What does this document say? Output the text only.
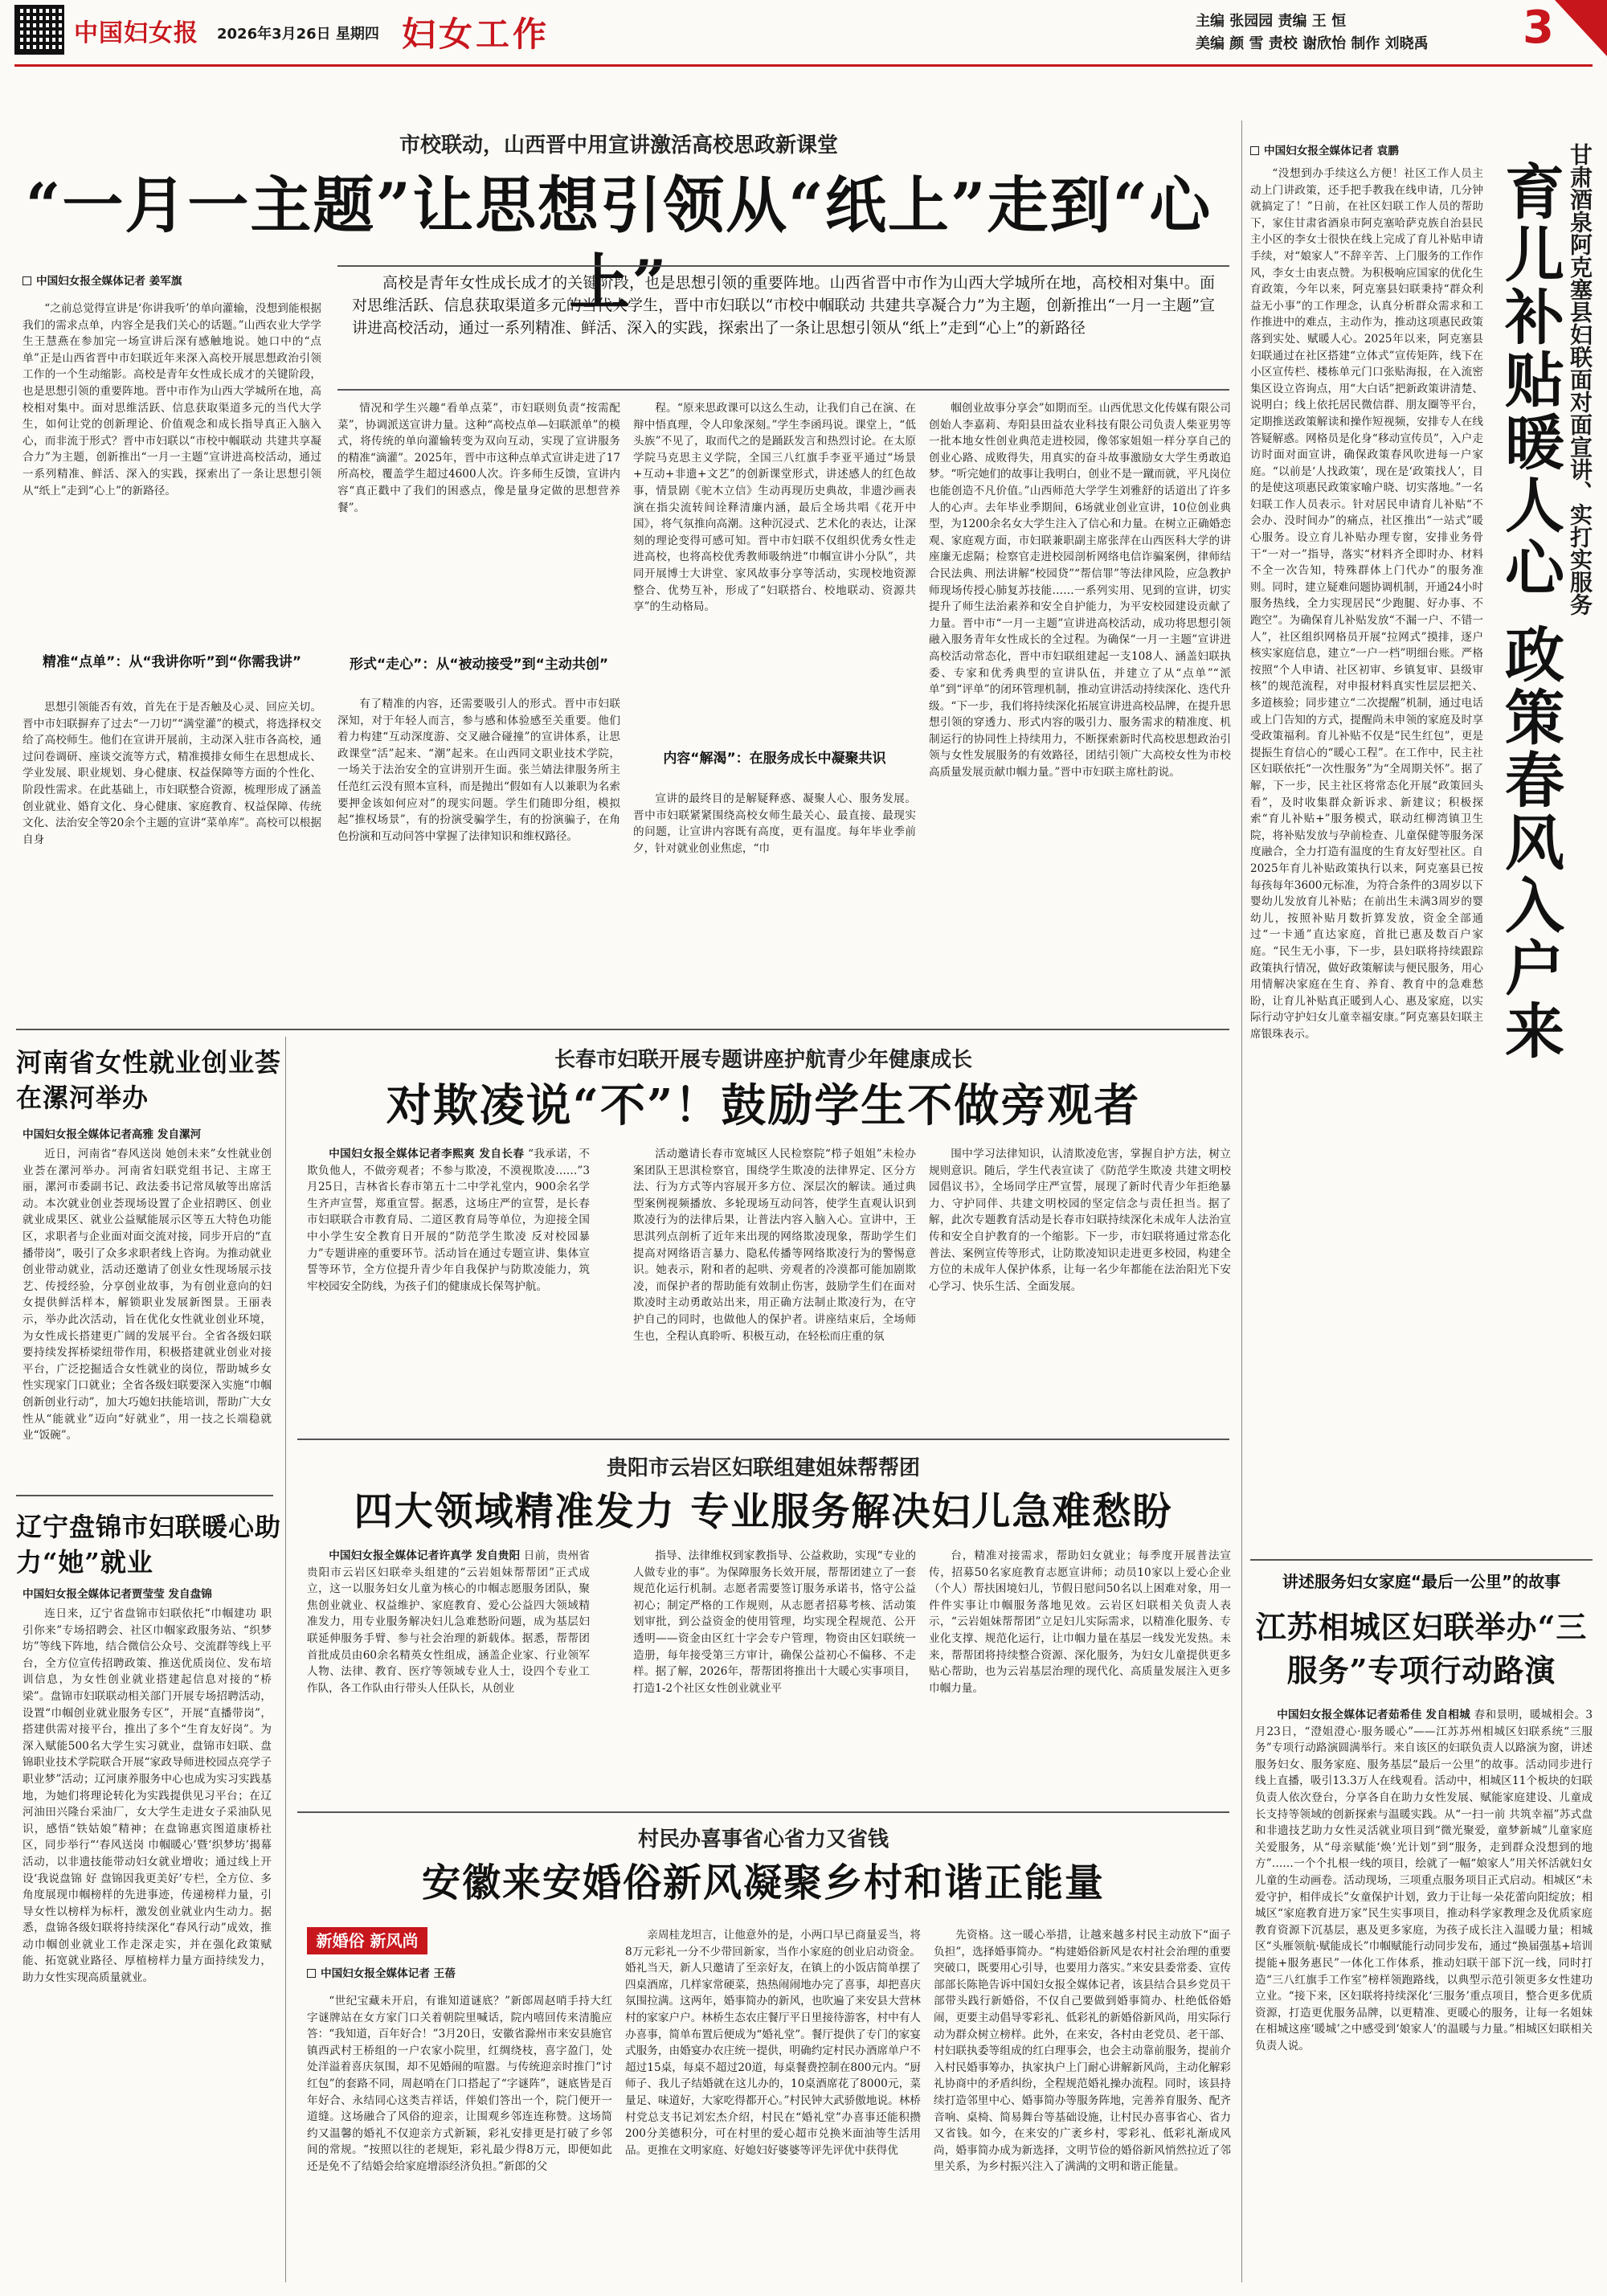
中国妇女报 2026年3月26日 星期四 妇女工作	主编 张园园 责编 王 恒
美编 颜 雪 责校 谢欣怡 制作 刘晓禹 3
市校联动，山西晋中用宣讲激活高校思政新课堂
“一月一主题”让思想引领从“纸上”走到“心上”
中国妇女报全媒体记者 姜军旗	高校是青年女性成长成才的关键阶段，也是思想引领的重要阵地。山西省晋中市作为山西大学城所在地，高校相对集中。面对思维活跃、信息获取渠道多元的当代大学生，晋中市妇联以“市校中帼联动 共建共享凝合力”为主题，创新推出“一月一主题”宣讲进高校活动，通过一系列精准、鲜活、深入的实践，探索出了一条让思想引领从“纸上”走到“心上”的新路径

“之前总觉得宣讲是‘你讲我听’的单向灌输，没想到能根据我们的需求点单，内容全是我们关心的话题。”山西农业大学学生王慧燕在参加完一场宣讲后深有感触地说。她口中的“点单”正是山西省晋中市妇联近年来深入高校开展思想政治引领工作的一个生动缩影。高校是青年女性成长成才的关键阶段，也是思想引领的重要阵地。晋中市作为山西大学城所在地，高校相对集中。面对思维活跃、信息获取渠道多元的当代大学生，如何让党的创新理论、价值观念和成长指导真正入脑入心，而非流于形式？晋中市妇联以“市校中帼联动 共建共享凝合力”为主题，创新推出“一月一主题”宣讲进高校活动，通过一系列精准、鲜活、深入的实践，探索出了一条让思想引领从“纸上”走到“心上”的新路径。

精准“点单”：从“我讲你听”到“你需我讲”

思想引领能否有效，首先在于是否触及心灵、回应关切。晋中市妇联摒弃了过去“一刀切”“满堂灌”的模式，将选择权交给了高校师生。他们在宣讲开展前，主动深入驻市各高校，通过问卷调研、座谈交流等方式，精准摸排女师生在思想成长、学业发展、职业规划、身心健康、权益保障等方面的个性化、阶段性需求。在此基础上，市妇联整合资源，梳理形成了涵盖创业就业、婚育文化、身心健康、家庭教育、权益保障、传统文化、法治安全等20余个主题的宣讲“菜单库”。高校可以根据自身

情况和学生兴趣“看单点菜”，市妇联则负责“按需配菜”，协调派送宣讲力量。这种“高校点单—妇联派单”的模式，将传统的单向灌输转变为双向互动，实现了宣讲服务的精准“滴灌”。2025年，晋中市这种点单式宣讲走进了17所高校，覆盖学生超过4600人次。许多师生反馈，宣讲内容“真正戳中了我们的困惑点，像是量身定做的思想营养餐”。

形式“走心”：从“被动接受”到“主动共创”

有了精准的内容，还需要吸引人的形式。晋中市妇联深知，对于年轻人而言，参与感和体验感至关重要。他们着力构建“互动深度游、交叉融合碰撞”的宣讲体系，让思政课堂“活”起来、“潮”起来。在山西同文职业技术学院，一场关于法治安全的宣讲别开生面。张兰婧法律服务所主任范红云没有照本宣科，而是抛出“假如有人以兼职为名索要押金该如何应对”的现实问题。学生们随即分组，模拟起“推权场景”，有的扮演受骗学生，有的扮演骗子，在角色扮演和互动问答中掌握了法律知识和维权路径。

程。“原来思政课可以这么生动，让我们自己在演、在辩中悟真理，令人印象深刻。”学生李函玛说。课堂上，“低头族”不见了，取而代之的是踊跃发言和热烈讨论。在太原学院马克思主义学院，全国三八红旗手李亚平通过“场景+互动+非遗+文艺”的创新课堂形式，讲述感人的红色故事，情景剧《驼木立信》生动再现历史典故，非遗沙画表演在指尖流转间诠释清廉内涵，最后全场共唱《花开中国》，将气氛推向高潮。这种沉浸式、艺术化的表达，让深刻的理论变得可感可知。晋中市妇联不仅组织优秀女性走进高校，也将高校优秀教师吸纳进“巾帼宣讲小分队”，共同开展博士大讲堂、家风故事分享等活动，实现校地资源整合、优势互补，形成了“妇联搭台、校地联动、资源共享”的生动格局。

内容“解渴”：在服务成长中凝聚共识

宣讲的最终目的是解疑释惑、凝聚人心、服务发展。晋中市妇联紧紧围绕高校女师生最关心、最直接、最现实的问题，让宣讲内容既有高度，更有温度。每年毕业季前夕，针对就业创业焦虑，“巾

帼创业故事分享会”如期而至。山西优思文化传媒有限公司创始人李嘉莉、寿阳县田益农业科技有限公司负责人柴亚男等一批本地女性创业典范走进校园，像邻家姐姐一样分享自己的创业心路、成败得失，用真实的奋斗故事激励女大学生勇敢追梦。“听完她们的故事让我明白，创业不是一蹴而就，平凡岗位也能创造不凡价值。”山西师范大学学生刘雅舒的话道出了许多人的心声。去年毕业季期间，6场就业创业宣讲，10位创业典型，为1200余名女大学生注入了信心和力量。在树立正确婚恋观、家庭观方面，市妇联兼职副主席张萍在山西医科大学的讲座廉无虑隔；检察官走进校园剖析网络电信诈骗案例，律师结合民法典、刑法讲解“校园贷”“帮信罪”等法律风险，应急教护师现场传授心肺复苏技能……一系列实用、见到的宣讲，切实提升了师生法治素养和安全自护能力，为平安校园建设贡献了力量。晋中市“一月一主题”宣讲进高校活动，成功将思想引领融入服务青年女性成长的全过程。为确保“一月一主题”宣讲进高校活动常态化，晋中市妇联组建起一支108人、涵盖妇联执委、专家和优秀典型的宣讲队伍，并建立了从“点单”“派单”到“评单”的闭环管理机制，推动宣讲活动持续深化、迭代升级。“下一步，我们将持续深化拓展宣讲进高校品牌，在提升思想引领的穿透力、形式内容的吸引力、服务需求的精准度、机制运行的协同性上持续用力，不断探索新时代高校思想政治引领与女性发展服务的有效路径，团结引领广大高校女性为市校高质量发展贡献巾帼力量。”晋中市妇联主席杜韵说。

河南省女性就业创业荟在漯河举办
中国妇女报全媒体记者高雅 发自漯河

近日，河南省“春风送岗 她创未来”女性就业创业荟在漯河举办。河南省妇联党组书记、主席王丽，漯河市委副书记、政法委书记常凤敏等出席活动。本次就业创业荟现场设置了企业招聘区、创业就业成果区、就业公益赋能展示区等五大特色功能区，求职者与企业面对面交流对接，同步开启的“直播带岗”，吸引了众多求职者线上咨询。为推动就业创业带动就业，活动还邀请了创业女性现场展示技艺、传授经验，分享创业故事，为有创业意向的妇女提供鲜活样本，解锁职业发展新图景。王丽表示，举办此次活动，旨在优化女性就业创业环境，为女性成长搭建更广阔的发展平台。全省各级妇联要持续发挥桥梁纽带作用，积极搭建就业创业对接平台，广泛挖掘适合女性就业的岗位，帮助城乡女性实现家门口就业；全省各级妇联要深入实施“巾帼创新创业行动”，加大巧媳妇扶能培训，帮助广大女性从“能就业”迈向“好就业”，用一技之长端稳就业“饭碗”。

辽宁盘锦市妇联暖心助力“她”就业
中国妇女报全媒体记者贾莹莹 发自盘锦

连日来，辽宁省盘锦市妇联依托“巾帼建功 职引你来”专场招聘会、社区巾帼家政服务站、“织梦坊”等线下阵地，结合微信公众号、交流群等线上平台，全方位宣传招聘政策、推送优质岗位、发布培训信息，为女性创业就业搭建起信息对接的“桥梁”。盘锦市妇联联动相关部门开展专场招聘活动，设置“巾帼创业就业服务专区”，开展“直播带岗”，搭建供需对接平台，推出了多个“生育友好岗”。为深入赋能500名大学生实习就业，盘锦市妇联、盘锦职业技术学院联合开展“家政导师进校园点亮学子职业梦”活动；辽河康养服务中心也成为实习实践基地，为她们将理论转化为实践提供见习平台；在辽河油田兴隆台采油厂，女大学生走进女子采油队见识，感悟“铁姑娘”精神；在盘锦惠宾图道康桥社区，同步举行“‘春风送岗 巾帼暖心’暨‘织梦坊’揭幕活动，以非遗技能带动妇女就业增收；通过线上开设‘我说盘锦 好 盘锦因我更美好’专栏，全方位、多角度展现巾帼榜样的先进事迹，传递榜样力量，引导女性以榜样为标杆，激发创业就业内生动力。据悉，盘锦各级妇联将持续深化“春风行动”成效，推动巾帼创业就业工作走深走实，并在强化政策赋能、拓宽就业路径、厚植榜样力量方面持续发力，助力女性实现高质量就业。

长春市妇联开展专题讲座护航青少年健康成长
对欺凌说“不”！鼓励学生不做旁观者

中国妇女报全媒体记者李熙爽 发自长春 “我承诺，不欺负他人，不做旁观者；不参与欺凌，不漠视欺凌……”3月25日，吉林省长春市第五十二中学礼堂内，900余名学生齐声宣誓，郑重宣誓。据悉，这场庄严的宣誓，是长春市妇联联合市教育局、二道区教育局等单位，为迎接全国中小学生安全教育日开展的“防范学生欺凌 反对校园暴力”专题讲座的重要环节。活动旨在通过专题宣讲、集体宣誓等环节，全方位提升青少年自我保护与防欺凌能力，筑牢校园安全防线，为孩子们的健康成长保驾护航。

活动邀请长春市宽城区人民检察院“栉子姐姐”未检办案团队王思淇检察官，围绕学生欺凌的法律界定、区分方法、行为方式等内容展开多方位、深层次的解读。通过典型案例视频播放、多轮现场互动问答，使学生直观认识到欺凌行为的法律后果，让普法内容入脑入心。宣讲中，王思淇列点剖析了近年来出现的网络欺凌现象，帮助学生们提高对网络语言暴力、隐私传播等网络欺凌行为的警惕意识。她表示，附和者的起哄、旁观者的冷漠都可能加剧欺凌，而保护者的帮助能有效制止伤害，鼓励学生们在面对欺凌时主动勇敢站出来，用正确方法制止欺凌行为，在守护自己的同时，也做他人的保护者。讲座结束后，全场师生也，全程认真聆听、积极互动，在轻松而庄重的氛

围中学习法律知识，认清欺凌危害，掌握自护方法，树立规则意识。随后，学生代表宣读了《防范学生欺凌 共建文明校园倡议书》，全场同学庄严宣誓，展现了新时代青少年拒绝暴力、守护同伴、共建文明校园的坚定信念与责任担当。据了解，此次专题教育活动是长春市妇联持续深化未成年人法治宣传和安全自护教育的一个缩影。下一步，市妇联将通过常态化普法、案例宣传等形式，让防欺凌知识走进更多校园，构建全方位的未成年人保护体系，让每一名少年都能在法治阳光下安心学习、快乐生活、全面发展。

贵阳市云岩区妇联组建姐妹帮帮团
四大领域精准发力 专业服务解决妇儿急难愁盼

中国妇女报全媒体记者许真学 发自贵阳 日前，贵州省贵阳市云岩区妇联牵头组建的“云岩姐妹帮帮团”正式成立，这一以服务妇女儿童为核心的巾帼志愿服务团队，聚焦创业就业、权益维护、家庭教育、爱心公益四大领域精准发力，用专业服务解决妇儿急难愁盼问题，成为基层妇联延伸服务手臂、参与社会治理的新载体。据悉，帮帮团首批成员由60余名精英女性组成，涵盖企业家、行业领军人物、法律、教育、医疗等领域专业人士，设四个专业工作队，各工作队由行带头人任队长，从创业

指导、法律维权到家教指导、公益救助，实现“专业的人做专业的事”。为保障服务长效开展，帮帮团建立了一套规范化运行机制。志愿者需要签订服务承诺书，恪守公益初心；制定严格的工作规则，从志愿者招募考核、活动策划审批，到公益资金的使用管理，均实现全程规范、公开透明——资金由区红十字会专户管理，物资由区妇联统一造册，每年接受第三方审计，确保公益初心不偏移、不走样。据了解，2026年，帮帮团将推出十大暖心实事项目，打造1-2个社区女性创业就业平

台，精准对接需求，帮助妇女就业；每季度开展普法宣传，招募50名家庭教育志愿宣讲师；动员10家以上爱心企业（个人）帮扶困境妇儿，节假日慰问50名以上困难对象，用一件件实事让巾帼服务落地见效。云岩区妇联相关负责人表示，“云岩姐妹帮帮团”立足妇儿实际需求，以精准化服务、专业化支撑、规范化运行，让巾帼力量在基层一线发光发热。未来，帮帮团将持续整合资源、深化服务，为妇女儿童提供更多贴心帮助，也为云岩基层治理的现代化、高质量发展注入更多巾帼力量。

村民办喜事省心省力又省钱
安徽来安婚俗新风凝聚乡村和谐正能量
新婚俗 新风尚
中国妇女报全媒体记者 王蓓

“世纪宝藏未开启，有谁知道谜底？”新郎周赵哨手持大红字谜牌站在女方家门口关着朝院里喊话，院内嘻回传来清脆应答：“我知道，百年好合！”3月20日，安徽省滁州市来安县施官镇西武村王桥组的一户农家小院里，红绸绕枝，喜字盈门，处处洋溢着喜庆氛围，却不见婚闹的喧嚣。与传统迎亲时推门“讨红包”的套路不同，周赵哨在门口搭起了“字谜阵”，谜底皆是百年好合、永结同心这类吉祥话，伴娘们答出一个，院门便开一道缝。这场融合了风俗的迎亲，让围观乡邻连连称赞。这场简约又温馨的婚礼不仅迎亲方式新颖，彩礼安排更是打破了乡邻间的常规。“按照以往的老规矩，彩礼最少得8万元，即便如此还是免不了结婚会给家庭增添经济负担。”新郎的父

亲周桂龙坦言，让他意外的是，小两口早已商量妥当，将8万元彩礼一分不少带回新家，当作小家庭的创业启动资金。婚礼当天，新人只邀请了至亲好友，在镇上的小饭店简单摆了四桌酒席，几样家常硬菜，热热闹闹地办完了喜事，却把喜庆氛围拉满。这两年，婚事简办的新风，也吹遍了来安县大营林村的家家户户。林桥生态农庄餐厅平日里接待游客，村中有人办喜事，简单布置后便成为“婚礼堂”。餐厅提供了专门的家宴式服务，由婚宴办农庄统一提供，明确约定村民办酒席单户不超过15桌，每桌不超过20道，每桌餐费控制在800元内。“厨师子、我儿子结婚就在这儿办的，10桌酒席花了8000元，菜量足、味道好，大家吃得都开心。”村民钟大武骄傲地说。林桥村党总支书记刘宏杰介绍，村民在“婚礼堂”办喜事还能积攒200分美德积分，可在村里的爱心超市兑换米面油等生活用品。更推在文明家庭、好媳妇好婆婆等评先评优中获得优

先资格。这一暖心举措，让越来越多村民主动放下“面子负担”，选择婚事简办。“构建婚俗新风是农村社会治理的重要突破口，既要用心引导，也要用力落实。”来安县委常委、宣传部部长陈艳告诉中国妇女报全媒体记者，该县结合县乡党员干部带头践行新婚俗，不仅自己要做到婚事简办、杜绝低俗婚闹，更要主动倡导零彩礼、低彩礼的新婚俗新风尚，用实际行动为群众树立榜样。此外，在来安，各村由老党员、老干部、村妇联执委等组成的红白理事会，也会主动靠前服务，提前介入村民婚事筹办，执家执户上门耐心讲解新风尚，主动化解彩礼协商中的矛盾纠纷，全程规范婚礼操办流程。同时，该县持续打造邻里中心、婚事简办等服务阵地，完善养育服务、配齐音响、桌椅、简易舞台等基础设施，让村民办喜事省心、省力又省钱。如今，在来安的广袤乡村，零彩礼、低彩礼渐成风尚，婚事简办成为新选择，文明节俭的婚俗新风悄然拉近了邻里关系，为乡村振兴注入了满满的文明和谐正能量。

中国妇女报全媒体记者 袁鹏	甘肃酒泉阿克塞县妇联面对面宣讲、实打实服务
育儿补贴暖人心 政策春风入户来

“没想到办手续这么方便！社区工作人员主动上门讲政策，还手把手教我在线申请，几分钟就搞定了！”日前，在社区妇联工作人员的帮助下，家住甘肃省酒泉市阿克塞哈萨克族自治县民主小区的李女士很快在线上完成了育儿补贴申请手续，对“娘家人”不辞辛苦、上门服务的工作作风，李女士由衷点赞。为积极响应国家的优化生育政策，今年以来，阿克塞县妇联秉持“群众利益无小事”的工作理念，认真分析群众需求和工作推进中的难点，主动作为，推动这项惠民政策落到实处、赋暖人心。2025年以来，阿克塞县妇联通过在社区搭建“立体式”宣传矩阵，线下在小区宣传栏、楼栋单元门口张贴海报，在入流密集区设立咨询点，用“大白话”把新政策讲清楚、说明白；线上依托居民微信群、朋友圈等平台，定期推送政策解读和操作短视频，安排专人在线答疑解惑。网格员是化身“移动宣传员”，入户走访时面对面宣讲，确保政策春风吹进每一户家庭。“以前是‘人找政策’，现在是‘政策找人’，目的是使这项惠民政策家喻户晓、切实落地。”一名妇联工作人员表示。针对居民申请育儿补贴“不会办、没时间办”的痛点，社区推出“一站式”暖心服务。设立育儿补贴办理专窗，安排业务骨干“一对一”指导，落实“材料齐全即时办、材料不全一次告知，特殊群体上门代办”的服务准则。同时，建立疑难问题协调机制，开通24小时服务热线，全力实现居民“少跑腿、好办事、不跑空”。为确保育儿补贴发放“不漏一户、不错一人”，社区组织网格员开展“拉网式”摸排，逐户核实家庭信息，建立“一户一档”明细台账。严格按照“个人申请、社区初审、乡镇复审、县级审核”的规范流程，对申报材料真实性层层把关、多道核验；同步建立“二次提醒”机制，通过电话或上门告知的方式，提醒尚未申领的家庭及时享受政策福利。育儿补贴不仅是“民生红包”，更是提振生育信心的“暖心工程”。在工作中，民主社区妇联依托“一次性服务”为“全周期关怀”。据了解，下一步，民主社区将常态化开展“政策回头看”，及时收集群众新诉求、新建议；积极探索“育儿补贴+”服务模式，联动红柳湾镇卫生院，将补贴发放与孕前检查、儿童保健等服务深度融合，全力打造有温度的生育友好型社区。自2025年育儿补贴政策执行以来，阿克塞县已按每孩每年3600元标准，为符合条件的3周岁以下婴幼儿发放育儿补贴；在前出生未满3周岁的婴幼儿，按照补贴月数折算发放，资金全部通过“一卡通”直达家庭，首批已惠及数百户家庭。“民生无小事，下一步，县妇联将持续跟踪政策执行情况，做好政策解读与便民服务，用心用情解决家庭在生育、养育、教育中的急难愁盼，让育儿补贴真正暖到人心、惠及家庭，以实际行动守护妇女儿童幸福安康。”阿克塞县妇联主席银珠表示。

讲述服务妇女家庭“最后一公里”的故事
江苏相城区妇联举办“三服务”专项行动路演

中国妇女报全媒体记者茹希佳 发自相城 春和景明，暖城相会。3月23日，“澄姐澄心·服务暖心”——江苏苏州相城区妇联系统“三服务”专项行动路演圆满举行。来自该区的妇联负责人以路演为窗，讲述服务妇女、服务家庭、服务基层“最后一公里”的故事。活动同步进行线上直播，吸引13.3万人在线观看。活动中，相城区11个板块的妇联负责人依次登台，分享各自在助力女性发展、赋能家庭建设、儿童成长支持等领域的创新探索与温暖实践。从“一扫一前 共筑幸福”苏式盘和非遗技艺助力女性灵活就业项目到“微光聚爱，童梦新城”儿童家庭关爱服务，从“母亲赋能‘焕’光计划”到“服务，走到群众没想到的地方”……一个个扎根一线的项目，绘就了一幅“娘家人”用关怀活就妇女儿童的生动画卷。活动现场，三项重点服务项目正式启动。相城区“未爱守护，相伴成长”女童保护计划，致力于让每一朵花蕾向阳绽放；相城区“家庭教育进万家”民生实事项目，推动科学家教理念及优质家庭教育资源下沉基层，惠及更多家庭，为孩子成长注入温暖力量；相城区“头雁领航·赋能成长”巾帼赋能行动同步发布，通过“换届强基+培训提能+服务惠民”一体化工作体系，推动妇联干部下沉一线，同时打造“三八红旗手工作室”榜样领跑路线，以典型示范引领更多女性建功立业。“接下来，区妇联将持续深化‘三服务’重点项目，整合更多优质资源，打造更优服务品牌，以更精准、更暖心的服务，让每一名姐妹在相城这座‘暖城’之中感受到‘娘家人’的温暖与力量。”相城区妇联相关负责人说。
